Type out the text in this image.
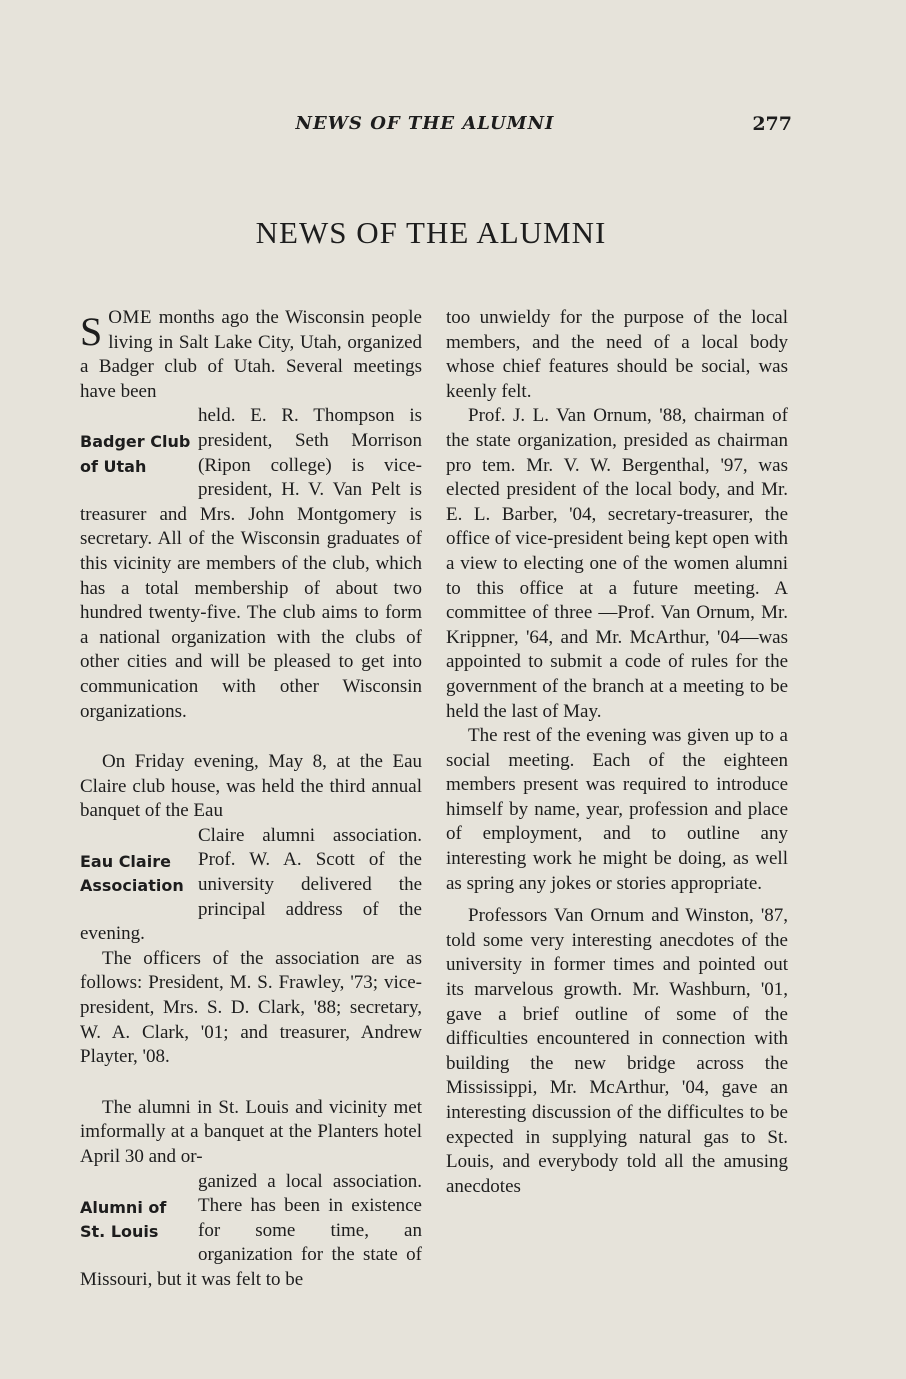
NEWS OF THE ALUMNI	277
NEWS OF THE ALUMNI

SOME months ago the Wisconsin people living in Salt Lake City, Utah, organized a Badger club of Utah. Several meetings have been

Badger Club
of Utah

held. E. R. Thompson is president, Seth Morrison (Ripon college) is vice-president, H. V. Van Pelt is treasurer and Mrs. John Montgomery is secretary. All of the Wisconsin graduates of this vicinity are members of the club, which has a total membership of about two hundred twenty-five. The club aims to form a national organization with the clubs of other cities and will be pleased to get into communication with other Wisconsin organizations.

On Friday evening, May 8, at the Eau Claire club house, was held the third annual banquet of the Eau

Eau Claire
Association

Claire alumni association. Prof. W. A. Scott of the university delivered the principal address of the evening.

The officers of the association are as follows: President, M. S. Frawley, '73; vice-president, Mrs. S. D. Clark, '88; secretary, W. A. Clark, '01; and treasurer, Andrew Playter, '08.

The alumni in St. Louis and vicinity met imformally at a banquet at the Planters hotel April 30 and or-

Alumni of
St. Louis

ganized a local association. There has been in existence for some time, an organization for the state of Missouri, but it was felt to be

too unwieldy for the purpose of the local members, and the need of a local body whose chief features should be social, was keenly felt.

Prof. J. L. Van Ornum, '88, chairman of the state organization, presided as chairman pro tem. Mr. V. W. Bergenthal, '97, was elected president of the local body, and Mr. E. L. Barber, '04, secretary-treasurer, the office of vice-president being kept open with a view to electing one of the women alumni to this office at a future meeting. A committee of three —Prof. Van Ornum, Mr. Krippner, '64, and Mr. McArthur, '04—was appointed to submit a code of rules for the government of the branch at a meeting to be held the last of May.

The rest of the evening was given up to a social meeting. Each of the eighteen members present was required to introduce himself by name, year, profession and place of employment, and to outline any interesting work he might be doing, as well as spring any jokes or stories appropriate.

Professors Van Ornum and Winston, '87, told some very interesting anecdotes of the university in former times and pointed out its marvelous growth. Mr. Washburn, '01, gave a brief outline of some of the difficulties encountered in connection with building the new bridge across the Mississippi, Mr. McArthur, '04, gave an interesting discussion of the difficultes to be expected in supplying natural gas to St. Louis, and everybody told all the amusing anecdotes
